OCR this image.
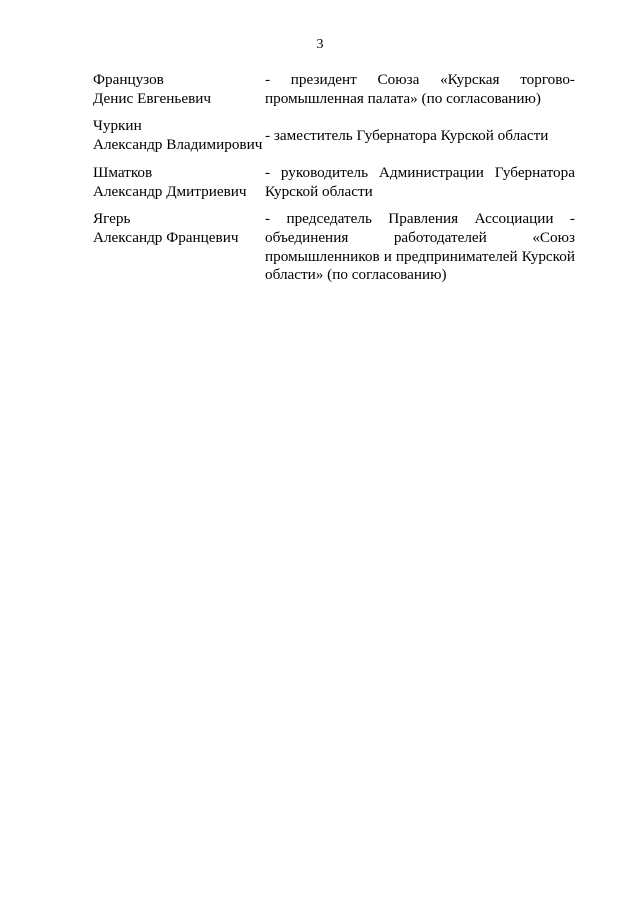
3
Французов
Денис Евгеньевич
- президент Союза «Курская торгово-промышленная палата» (по согласованию)
Чуркин
Александр Владимирович
- заместитель Губернатора Курской области
Шматков
Александр Дмитриевич
- руководитель Администрации Губернатора Курской области
Ягерь
Александр Францевич
- председатель Правления Ассоциации - объединения работодателей «Союз промышленников и предпринимателей Курской области» (по согласованию)
